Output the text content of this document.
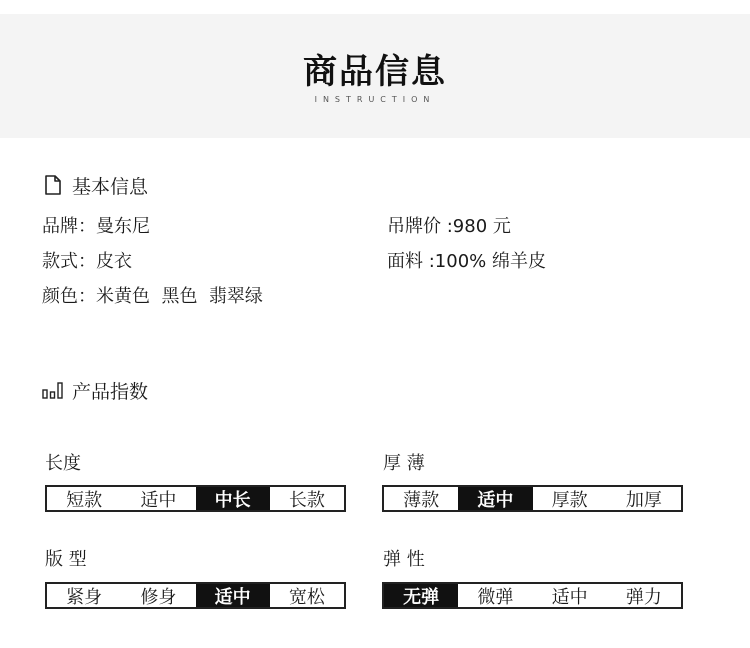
商品信息
INSTRUCTION
基本信息
品牌：曼东尼
款式：皮衣
颜色：米黄色  黑色  翡翠绿
吊牌价 :980 元
面料 :100% 绵羊皮
产品指数
长度
短款	适中	中长	长款
厚 薄
薄款	适中	厚款	加厚
版 型
紧身	修身	适中	宽松
弹 性
无弹	微弹	适中	弹力
